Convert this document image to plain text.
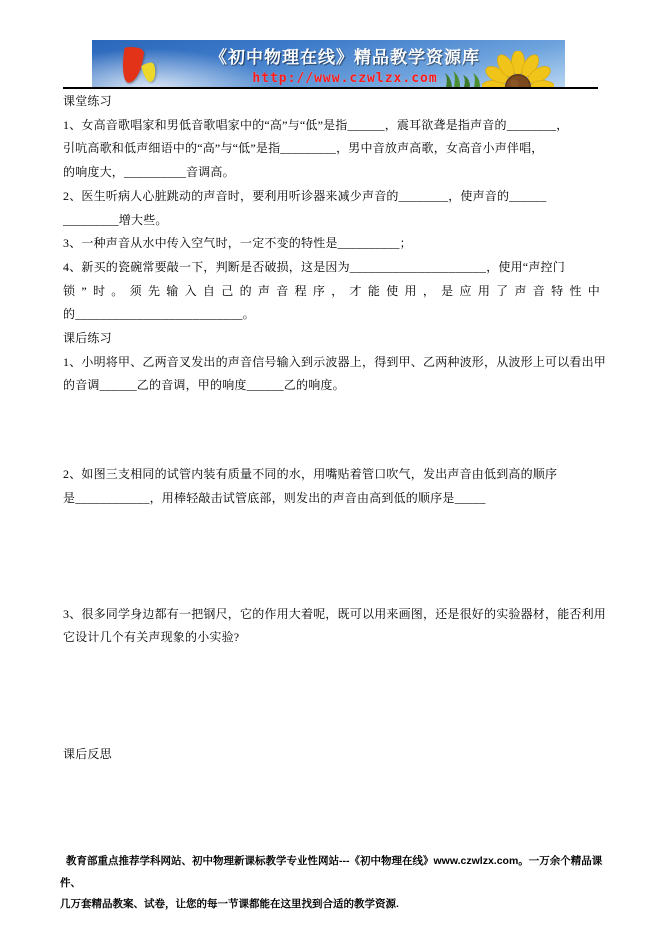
《初中物理在线》精品教学资源库
http://www.czwlzx.com
课堂练习
1、女高音歌唱家和男低音歌唱家中的“高”与“低”是指______，震耳欲聋是指声音的________，
引吭高歌和低声细语中的“高”与“低”是指_________，男中音放声高歌，女高音小声伴唱，
的响度大，__________音调高。
2、医生听病人心脏跳动的声音时，要利用听诊器来减少声音的________，使声音的______
_________增大些。
3、一种声音从水中传入空气时，一定不变的特性是__________；
4、新买的瓷碗常要敲一下，判断是否破损，这是因为______________________，使用“声控门
锁”时。须先输入自己的声音程序，才能使用，是应用了声音特性中
的___________________________。
课后练习
1、小明将甲、乙两音叉发出的声音信号输入到示波器上，得到甲、乙两种波形，从波形上可以看出甲
的音调______乙的音调，甲的响度______乙的响度。
2、如图三支相同的试管内装有质量不同的水，用嘴贴着管口吹气，发出声音由低到高的顺序
是____________，用棒轻敲击试管底部，则发出的声音由高到低的顺序是_____
3、很多同学身边都有一把钢尺，它的作用大着呢，既可以用来画图，还是很好的实验器材，能否利用
它设计几个有关声现象的小实验?
课后反思
教育部重点推荐学科网站、初中物理新课标教学专业性网站---《初中物理在线》www.czwlzx.com。一万余个精品课件、
几万套精品教案、试卷，让您的每一节课都能在这里找到合适的教学资源.
